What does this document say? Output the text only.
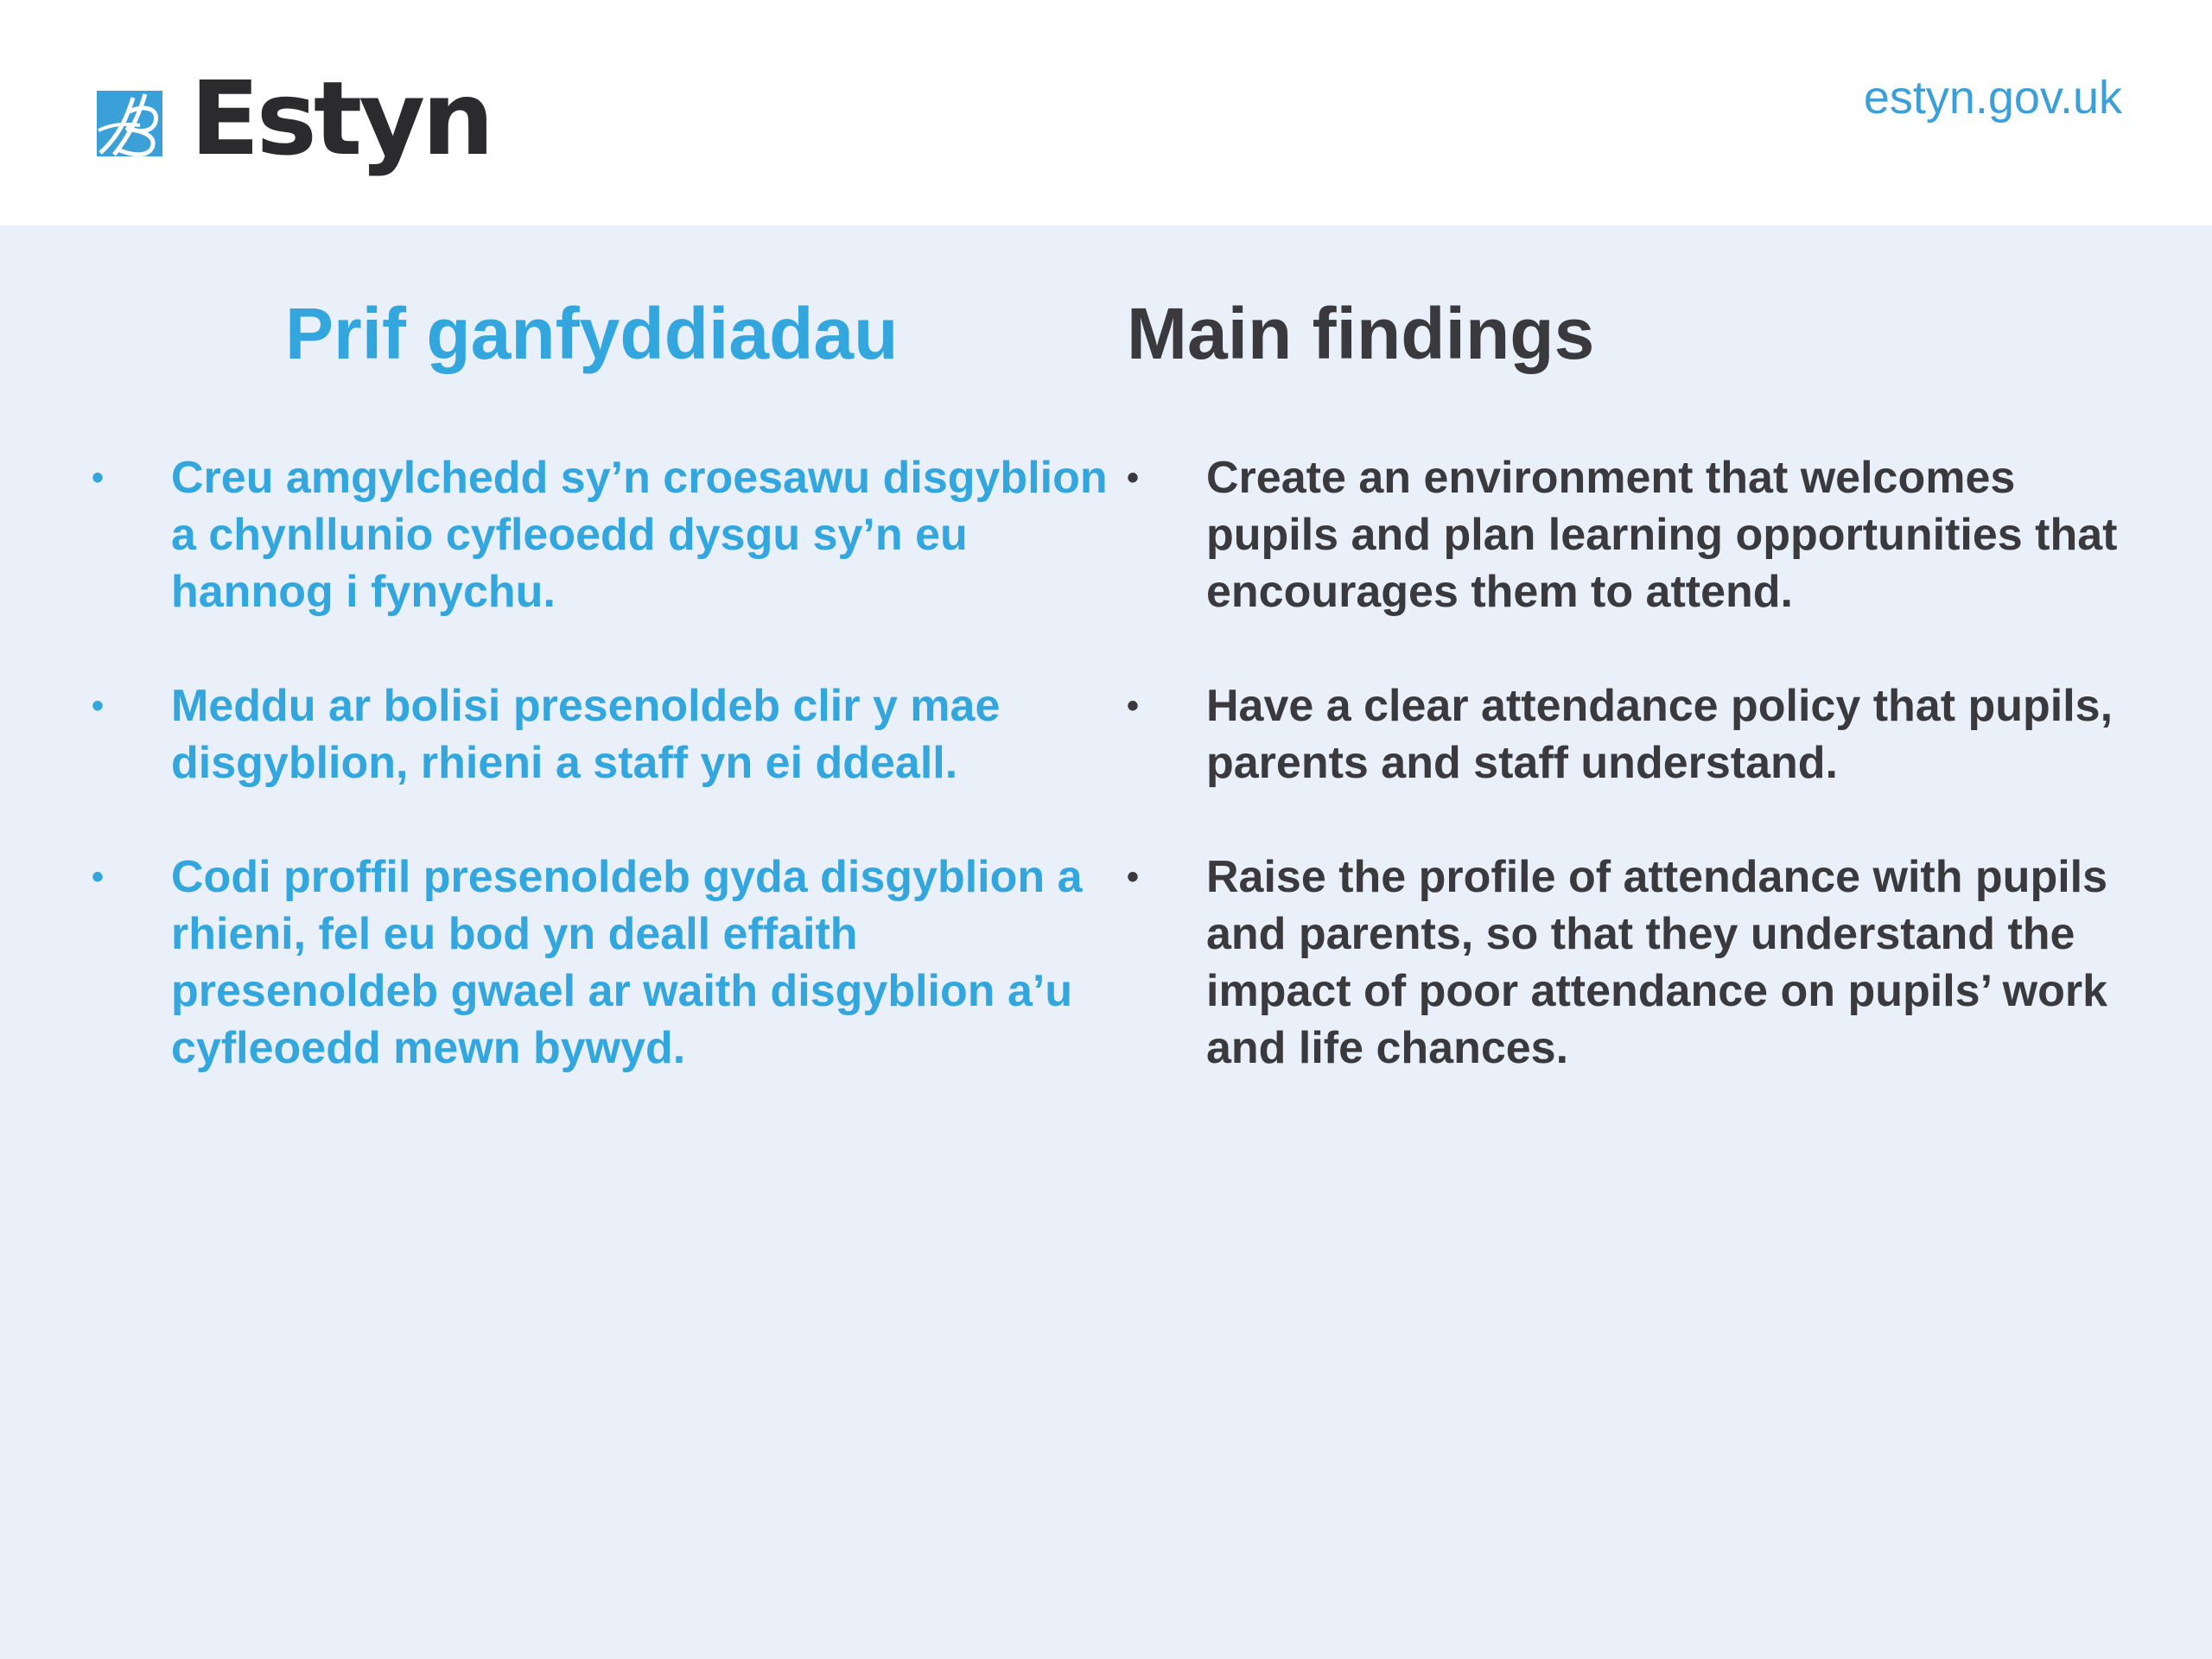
Estyn	estyn.gov.uk
Prif ganfyddiadau
•	Creu amgylchedd sy’n croesawu disgyblion a chynllunio cyfleoedd dysgu sy’n eu hannog i fynychu.
•	Meddu ar bolisi presenoldeb clir y mae disgyblion, rhieni a staff yn ei ddeall.
•	Codi proffil presenoldeb gyda disgyblion a rhieni, fel eu bod yn deall effaith presenoldeb gwael ar waith disgyblion a’u cyfleoedd mewn bywyd.
Main findings
•	Create an environment that welcomes pupils and plan learning opportunities that encourages them to attend.
•	Have a clear attendance policy that pupils, parents and staff understand.
•	Raise the profile of attendance with pupils and parents, so that they understand the impact of poor attendance on pupils’ work and life chances.
